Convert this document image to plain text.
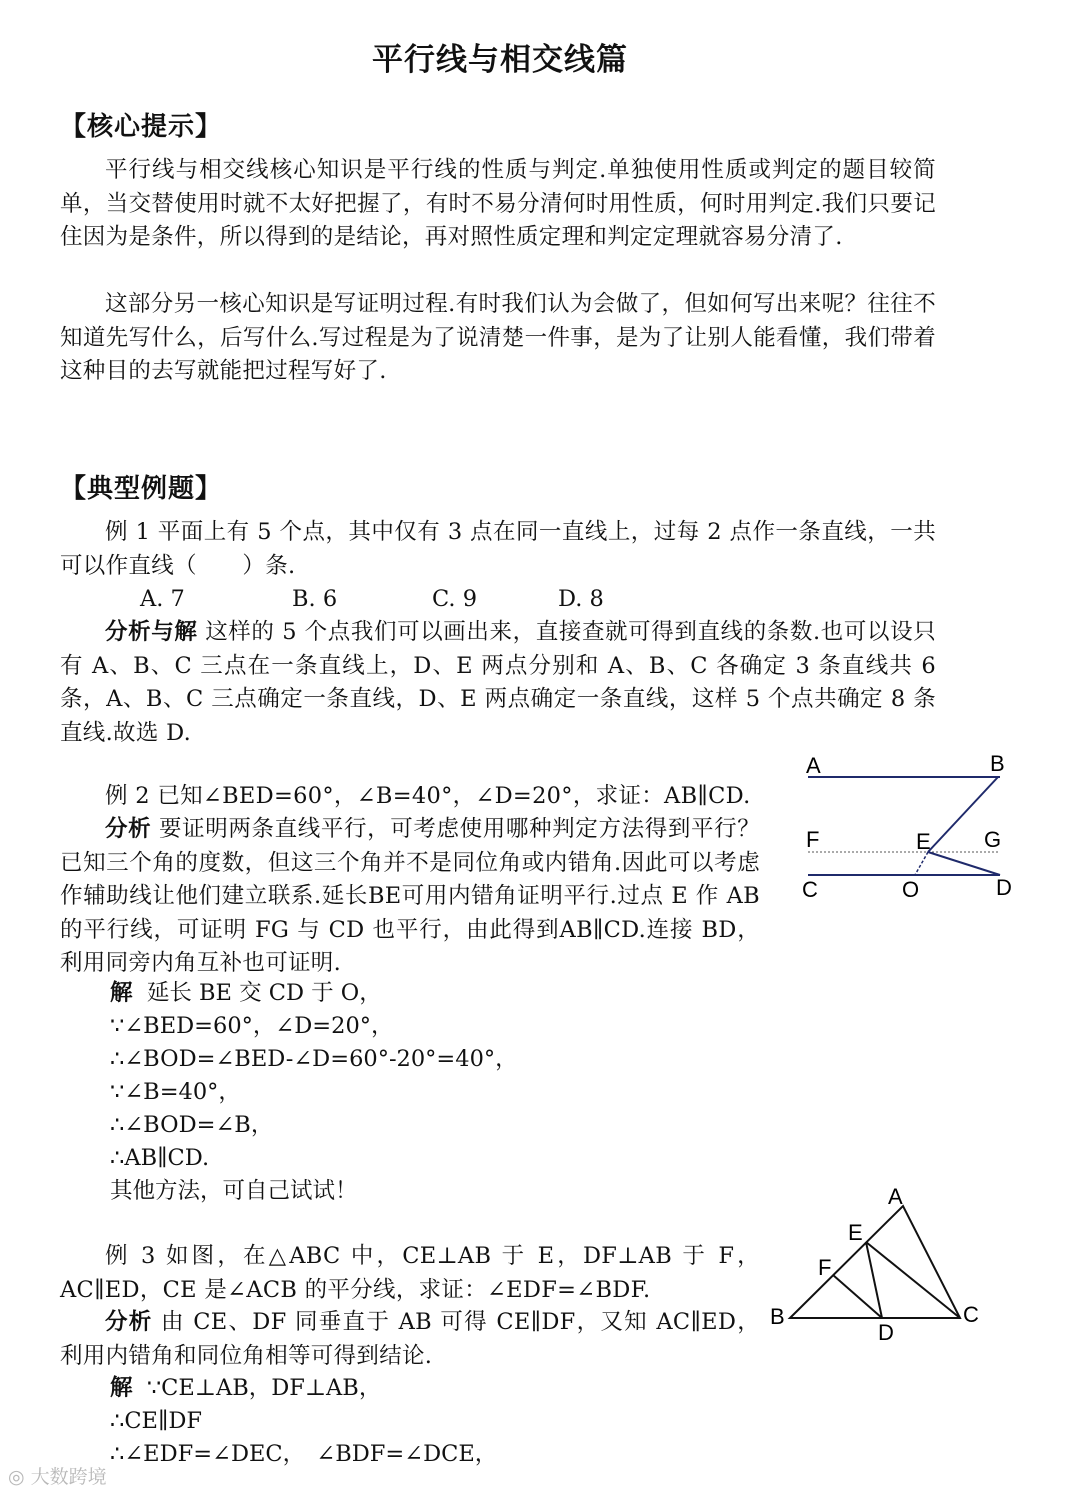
平行线与相交线篇
【核心提示】

平行线与相交线核心知识是平行线的性质与判定.单独使用性质或判定的题目较简单，当交替使用时就不太好把握了，有时不易分清何时用性质，何时用判定.我们只要记住因为是条件，所以得到的是结论，再对照性质定理和判定定理就容易分清了.

这部分另一核心知识是写证明过程.有时我们认为会做了，但如何写出来呢？往往不知道先写什么，后写什么.写过程是为了说清楚一件事，是为了让别人能看懂，我们带着这种目的去写就能把过程写好了.

【典型例题】

例 1 平面上有 5 个点，其中仅有 3 点在同一直线上，过每 2 点作一条直线，一共可以作直线（　　）条.

A. 7	B. 6	C. 9	D. 8

分析与解 这样的 5 个点我们可以画出来，直接查就可得到直线的条数.也可以设只有 A、B、C 三点在一条直线上，D、E 两点分别和 A、B、C 各确定 3 条直线共 6 条，A、B、C 三点确定一条直线，D、E 两点确定一条直线，这样 5 个点共确定 8 条直线.故选 D.

例 2 已知∠BED=60°，∠B=40°，∠D=20°，求证：AB∥CD.

分析 要证明两条直线平行，可考虑使用哪种判定方法得到平行？已知三个角的度数，但这三个角并不是同位角或内错角.因此可以考虑作辅助线让他们建立联系.延长BE可用内错角证明平行.过点 E 作 AB 的平行线，可证明 FG 与 CD 也平行，由此得到AB∥CD.连接 BD，利用同旁内角互补也可证明.

解 延长 BE 交 CD 于 O，
∵∠BED=60°，∠D=20°，
∴∠BOD=∠BED-∠D=60°-20°=40°，
∵∠B=40°，
∴∠BOD=∠B，
∴AB∥CD.
其他方法，可自己试试！
A	B
F	E G
C	O	D

例 3 如图，在△ABC 中，CE⊥AB 于 E，DF⊥AB 于 F，AC∥ED，CE 是∠ACB 的平分线，求证：∠EDF=∠BDF.

分析 由 CE、DF 同垂直于 AB 可得 CE∥DF，又知 AC∥ED，利用内错角和同位角相等可得到结论.

解 ∵CE⊥AB，DF⊥AB，
∴CE∥DF
∴∠EDF=∠DEC，　∠BDF=∠DCE，
A
E
F
B
D
C
◎ 大数跨境
